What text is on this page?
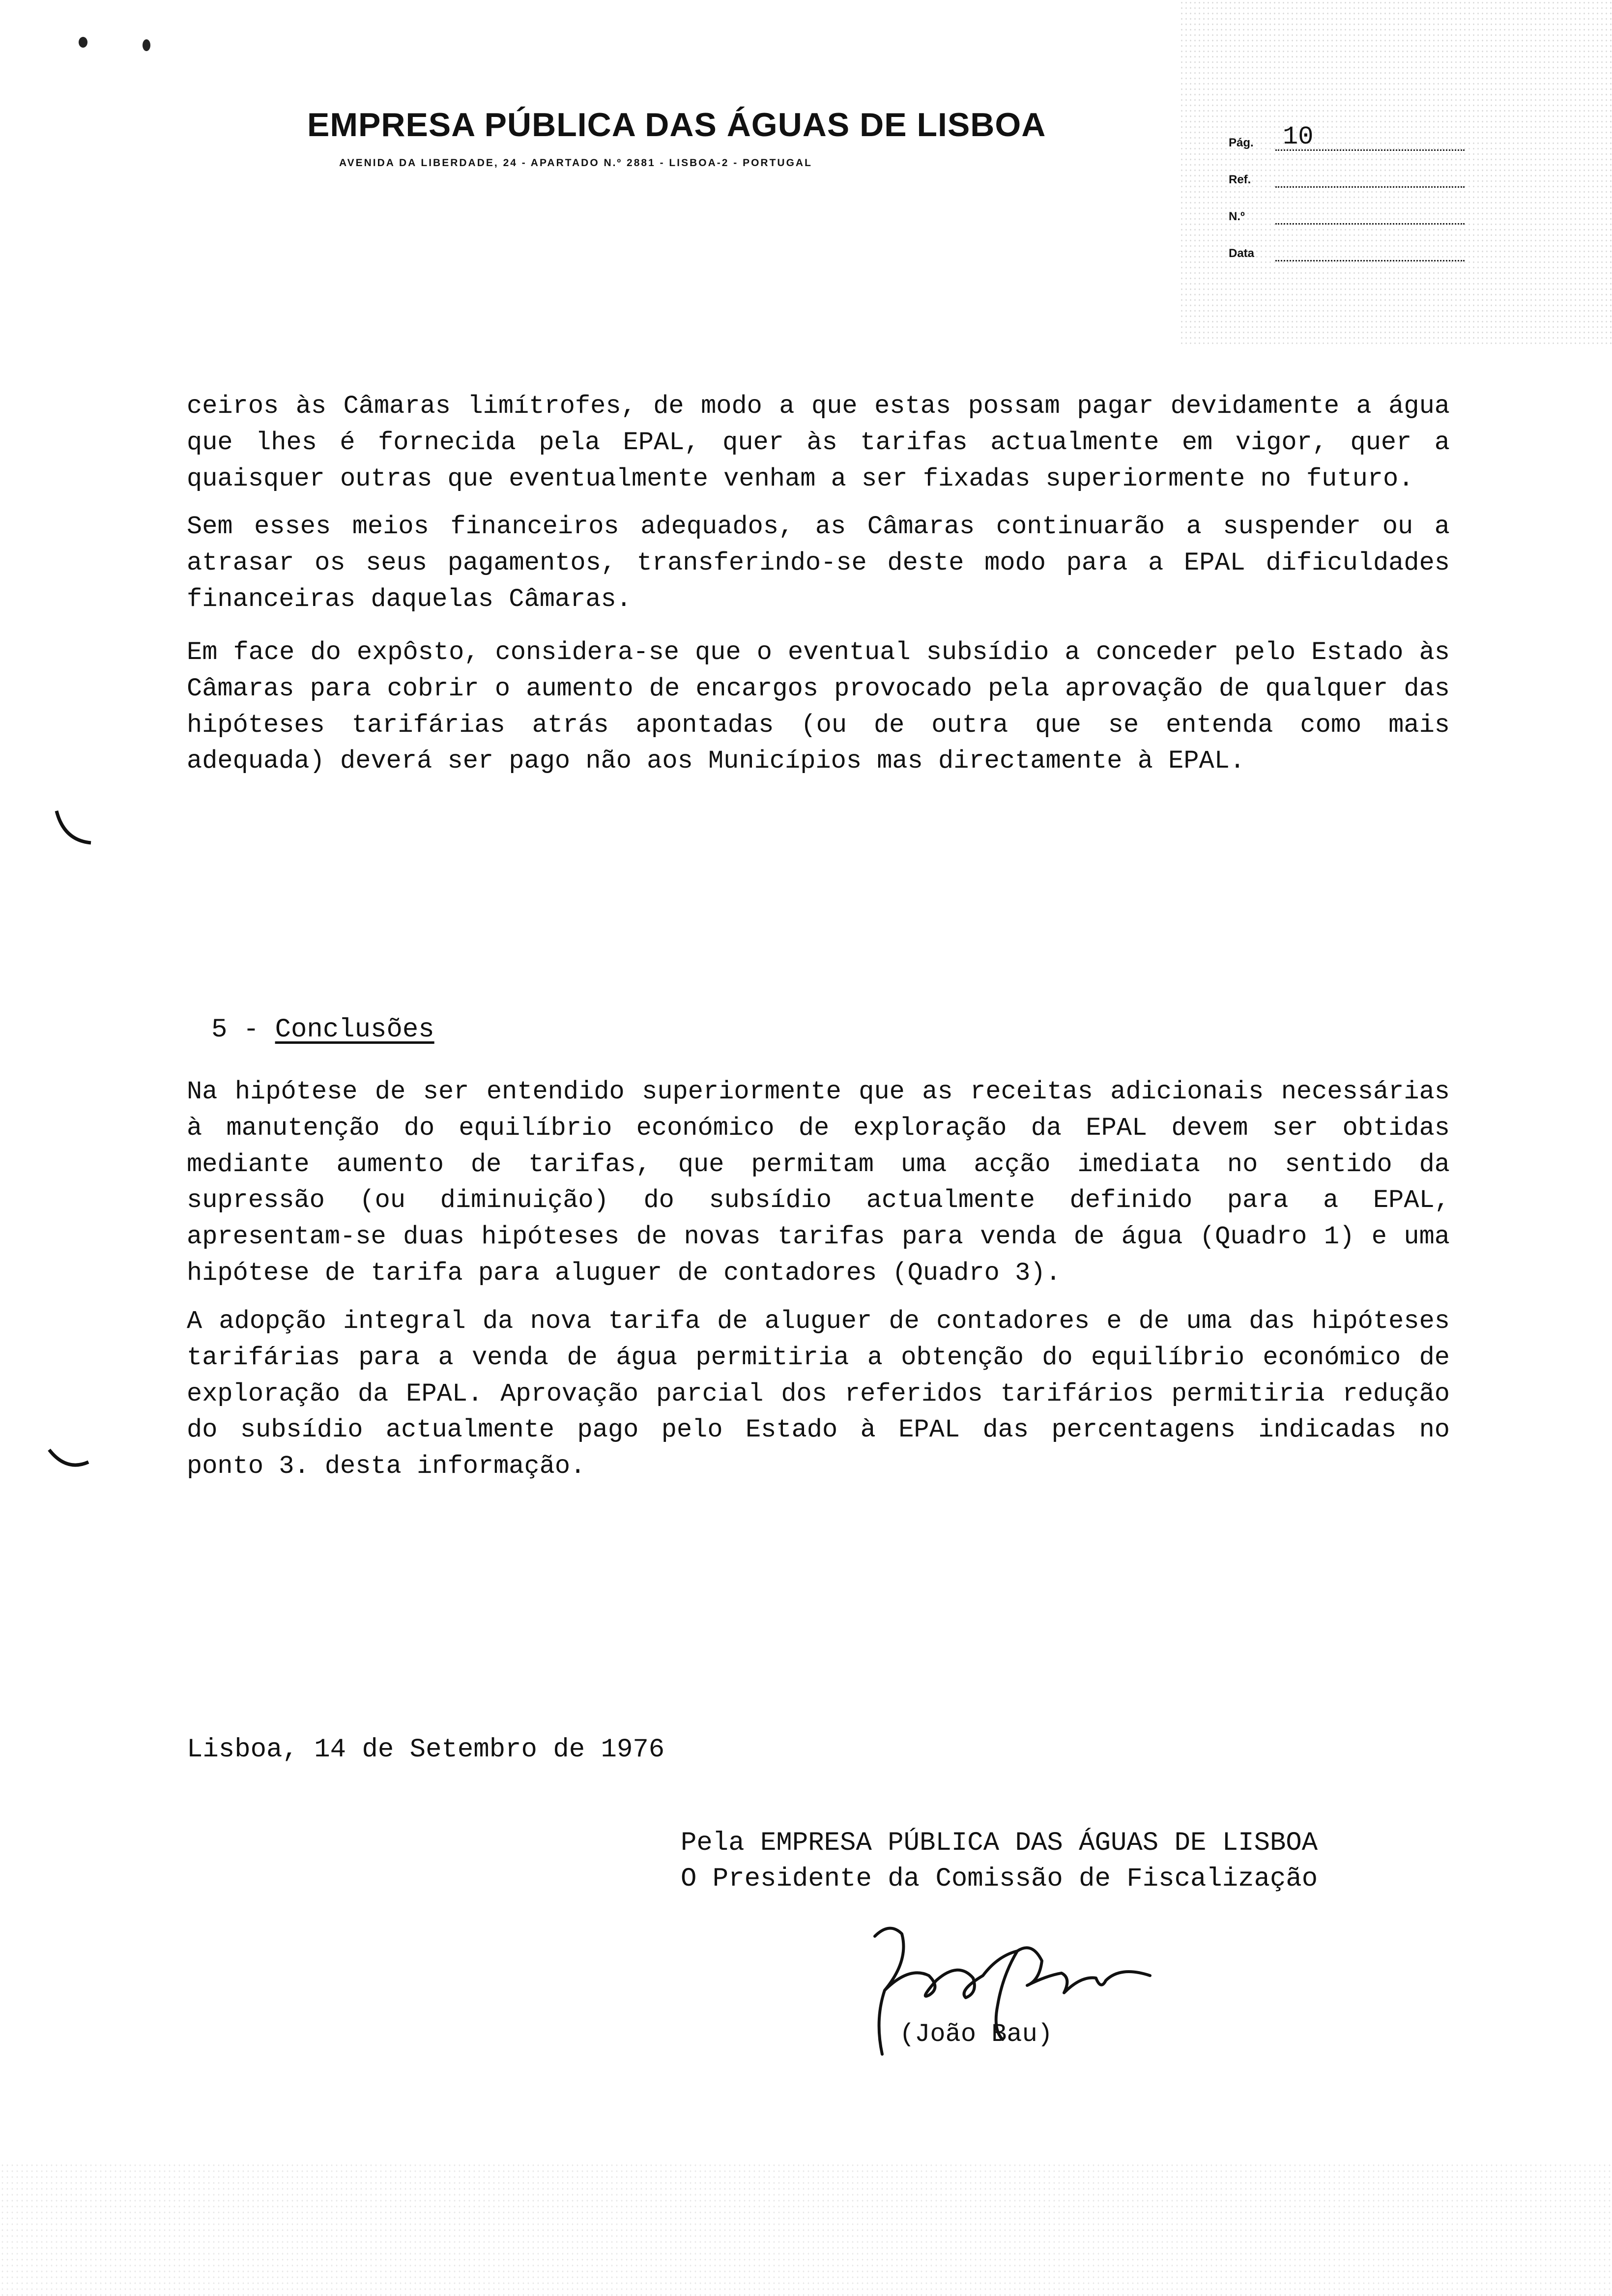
EMPRESA PÚBLICA DAS ÁGUAS DE LISBOA
AVENIDA DA LIBERDADE, 24 - APARTADO N.º 2881 - LISBOA-2 - PORTUGAL
Pág. 10
Ref.
N.º
Data

ceiros às Câmaras limítrofes, de modo a que estas possam pagar devidamente a água que lhes é fornecida pela EPAL, quer às tarifas actualmente em vigor, quer a quaisquer outras que eventualmente venham a ser fixadas superiormente no futuro.

Sem esses meios financeiros adequados, as Câmaras continuarão a suspender ou a atrasar os seus pagamentos, transferindo-se deste modo para a EPAL dificuldades financeiras daquelas Câmaras.

Em face do expôsto, considera-se que o eventual subsídio a conceder pelo Estado às Câmaras para cobrir o aumento de encargos provocado pela aprovação de qualquer das hipóteses tarifárias atrás apontadas (ou de outra que se entenda como mais adequada) deverá ser pago não aos Municípios mas directamente à EPAL.

5 - Conclusões

Na hipótese de ser entendido superiormente que as receitas adicionais necessárias à manutenção do equilíbrio económico de exploração da EPAL devem ser obtidas mediante aumento de tarifas, que permitam uma acção imediata no sentido da supressão (ou diminuição) do subsídio actualmente definido para a EPAL, apresentam-se duas hipóteses de novas tarifas para venda de água (Quadro 1) e uma hipótese de tarifa para aluguer de contadores (Quadro 3).

A adopção integral da nova tarifa de aluguer de contadores e de uma das hipóteses tarifárias para a venda de água permitiria a obtenção do equilíbrio económico de exploração da EPAL. Aprovação parcial dos referidos tarifários permitiria redução do subsídio actualmente pago pelo Estado à EPAL das percentagens indicadas no ponto 3. desta informação.

Lisboa, 14 de Setembro de 1976
Pela EMPRESA PÚBLICA DAS ÁGUAS DE LISBOA
O Presidente da Comissão de Fiscalização
(João Bau)
